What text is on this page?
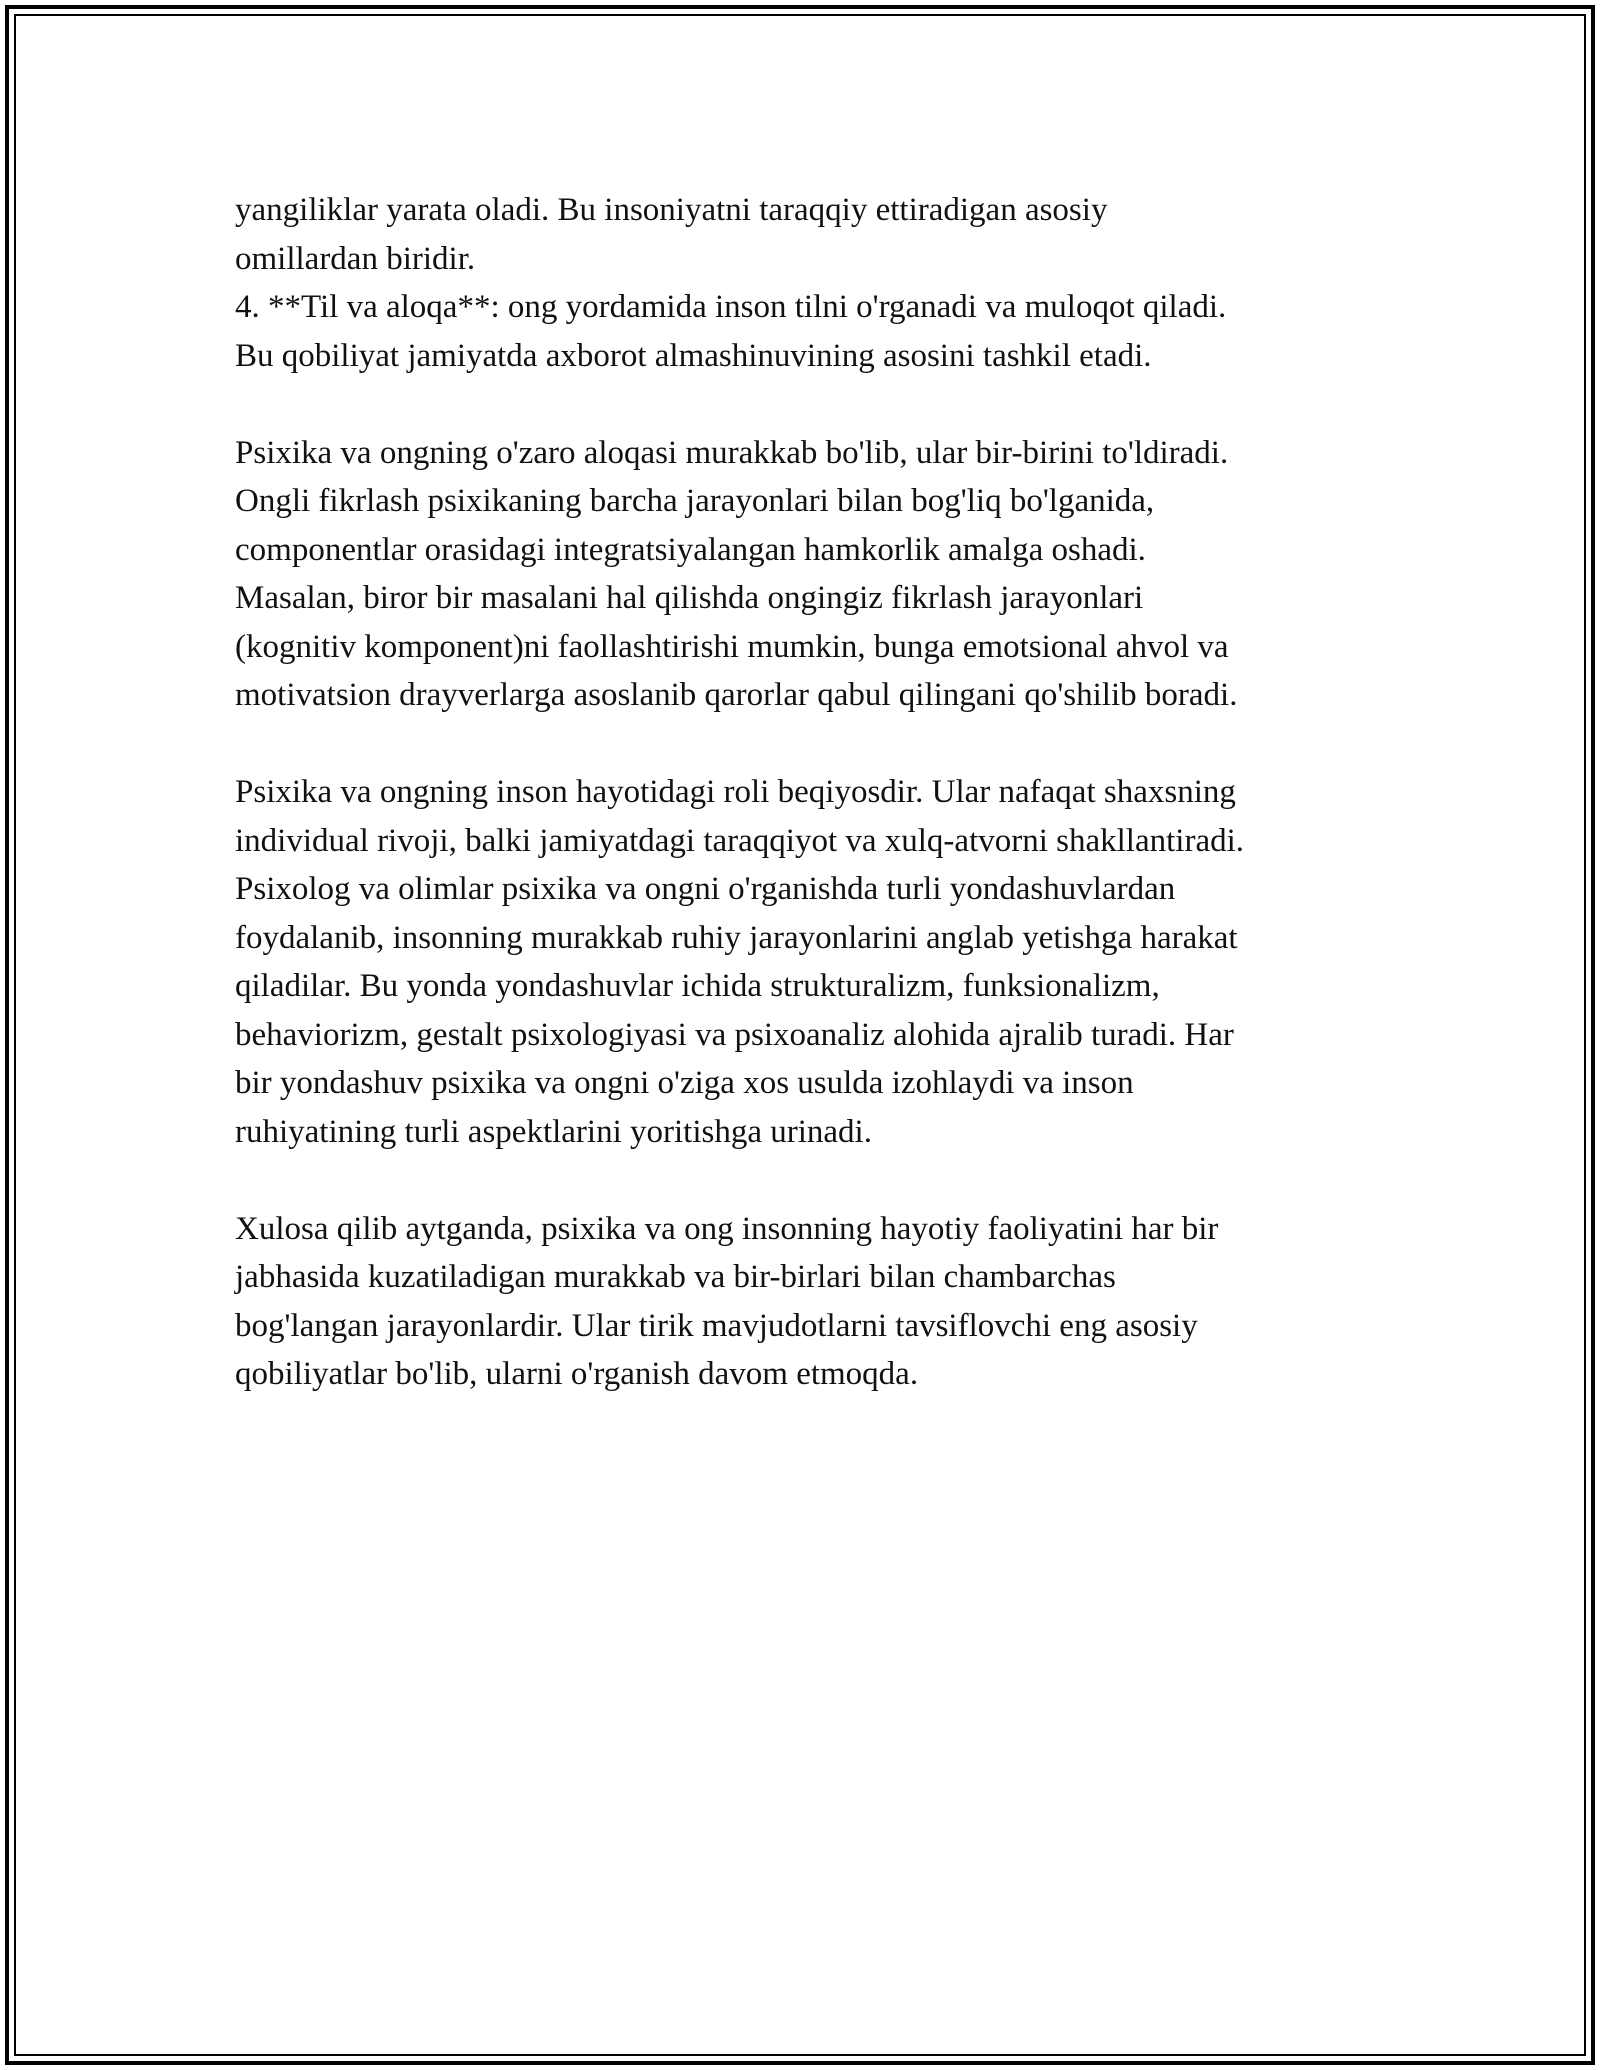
yangiliklar yarata oladi. Bu insoniyatni taraqqiy ettiradigan asosiy
omillardan biridir.
4. **Til va aloqa**: ong yordamida inson tilni o'rganadi va muloqot qiladi.
Bu qobiliyat jamiyatda axborot almashinuvining asosini tashkil etadi.
Psixika va ongning o'zaro aloqasi murakkab bo'lib, ular bir-birini to'ldiradi.
Ongli fikrlash psixikaning barcha jarayonlari bilan bog'liq bo'lganida,
componentlar orasidagi integratsiyalangan hamkorlik amalga oshadi.
Masalan, biror bir masalani hal qilishda ongingiz fikrlash jarayonlari
(kognitiv komponent)ni faollashtirishi mumkin, bunga emotsional ahvol va
motivatsion drayverlarga asoslanib qarorlar qabul qilingani qo'shilib boradi.
Psixika va ongning inson hayotidagi roli beqiyosdir. Ular nafaqat shaxsning
individual rivoji, balki jamiyatdagi taraqqiyot va xulq-atvorni shakllantiradi.
Psixolog va olimlar psixika va ongni o'rganishda turli yondashuvlardan
foydalanib, insonning murakkab ruhiy jarayonlarini anglab yetishga harakat
qiladilar. Bu yonda yondashuvlar ichida strukturalizm, funksionalizm,
behaviorizm, gestalt psixologiyasi va psixoanaliz alohida ajralib turadi. Har
bir yondashuv psixika va ongni o'ziga xos usulda izohlaydi va inson
ruhiyatining turli aspektlarini yoritishga urinadi.
Xulosa qilib aytganda, psixika va ong insonning hayotiy faoliyatini har bir
jabhasida kuzatiladigan murakkab va bir-birlari bilan chambarchas
bog'langan jarayonlardir. Ular tirik mavjudotlarni tavsiflovchi eng asosiy
qobiliyatlar bo'lib, ularni o'rganish davom etmoqda.
